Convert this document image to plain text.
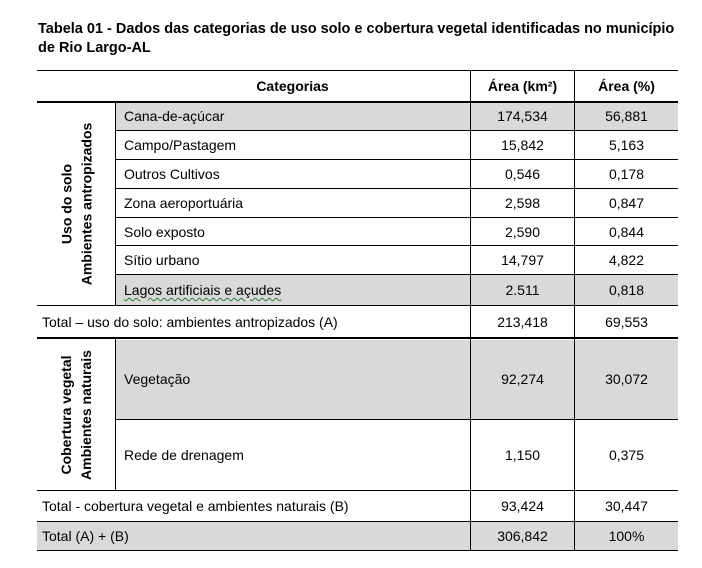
Tabela 01 - Dados das categorias de uso solo e cobertura vegetal identificadas no município de Rio Largo-AL
Categorias	Área (km²)	Área (%)
Uso do solo Ambientes antropizados
Cana-de-açúcar	174,534	56,881
Campo/Pastagem	15,842	5,163
Outros Cultivos	0,546	0,178
Zona aeroportuária	2,598	0,847
Solo exposto	2,590	0,844
Sítio urbano	14,797	4,822
Lagos artificiais e açudes	2.511	0,818
Total – uso do solo: ambientes antropizados (A)	213,418	69,553
Cobertura vegetal Ambientes naturais Vegetação	92,274	30,072
Rede de drenagem	1,150	0,375
Total - cobertura vegetal e ambientes naturais (B)	93,424	30,447
Total (A) + (B)	306,842	100%
